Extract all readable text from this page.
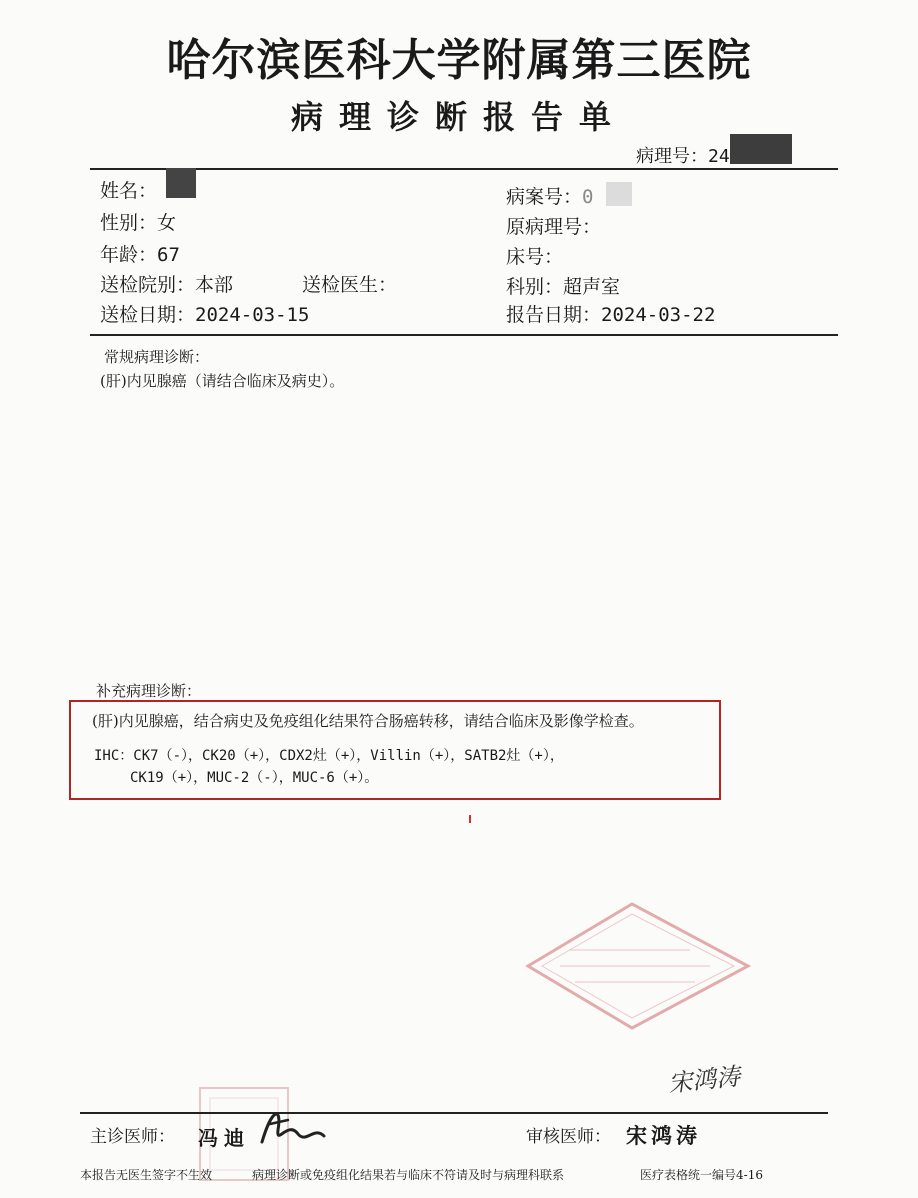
哈尔滨医科大学附属第三医院
病理诊断报告单
病理号：24
姓名：
性别：女
年龄：67
送检院别：本部	送检医生：
送检日期：2024-03-15
病案号：0
原病理号：
床号：
科别：超声室
报告日期：2024-03-22
常规病理诊断：
(肝)内见腺癌（请结合临床及病史）。
补充病理诊断：
(肝)内见腺癌，结合病史及免疫组化结果符合肠癌转移，请结合临床及影像学检查。
IHC：CK7（-），CK20（+），CDX2灶（+），Villin（+），SATB2灶（+），
CK19（+），MUC-2（-），MUC-6（+）。
宋鸿涛
主诊医师： 冯迪	审核医师： 宋鸿涛
本报告无医生签字不生效	病理诊断或免疫组化结果若与临床不符请及时与病理科联系	医疗表格统一编号4-16
